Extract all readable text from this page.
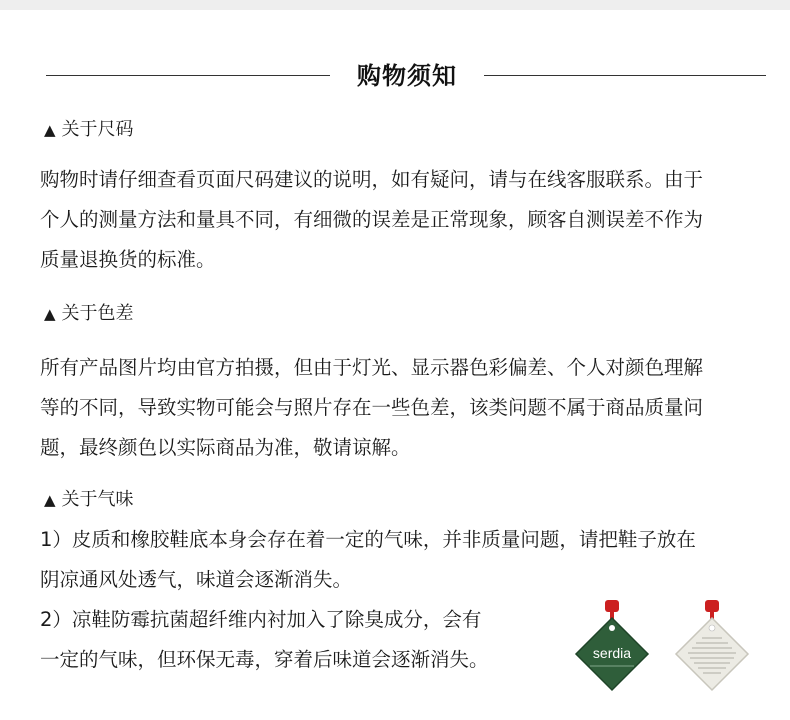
购物须知
▲ 关于尺码
购物时请仔细查看页面尺码建议的说明，如有疑问，请与在线客服联系。由于
个人的测量方法和量具不同，有细微的误差是正常现象，顾客自测误差不作为
质量退换货的标准。
▲ 关于色差
所有产品图片均由官方拍摄，但由于灯光、显示器色彩偏差、个人对颜色理解
等的不同，导致实物可能会与照片存在一些色差，该类问题不属于商品质量问
题，最终颜色以实际商品为准，敬请谅解。
▲ 关于气味
1）皮质和橡胶鞋底本身会存在着一定的气味，并非质量问题，请把鞋子放在
阴凉通风处透气，味道会逐渐消失。
2）凉鞋防霉抗菌超纤维内衬加入了除臭成分，会有
一定的气味，但环保无毒，穿着后味道会逐渐消失。	serdia
